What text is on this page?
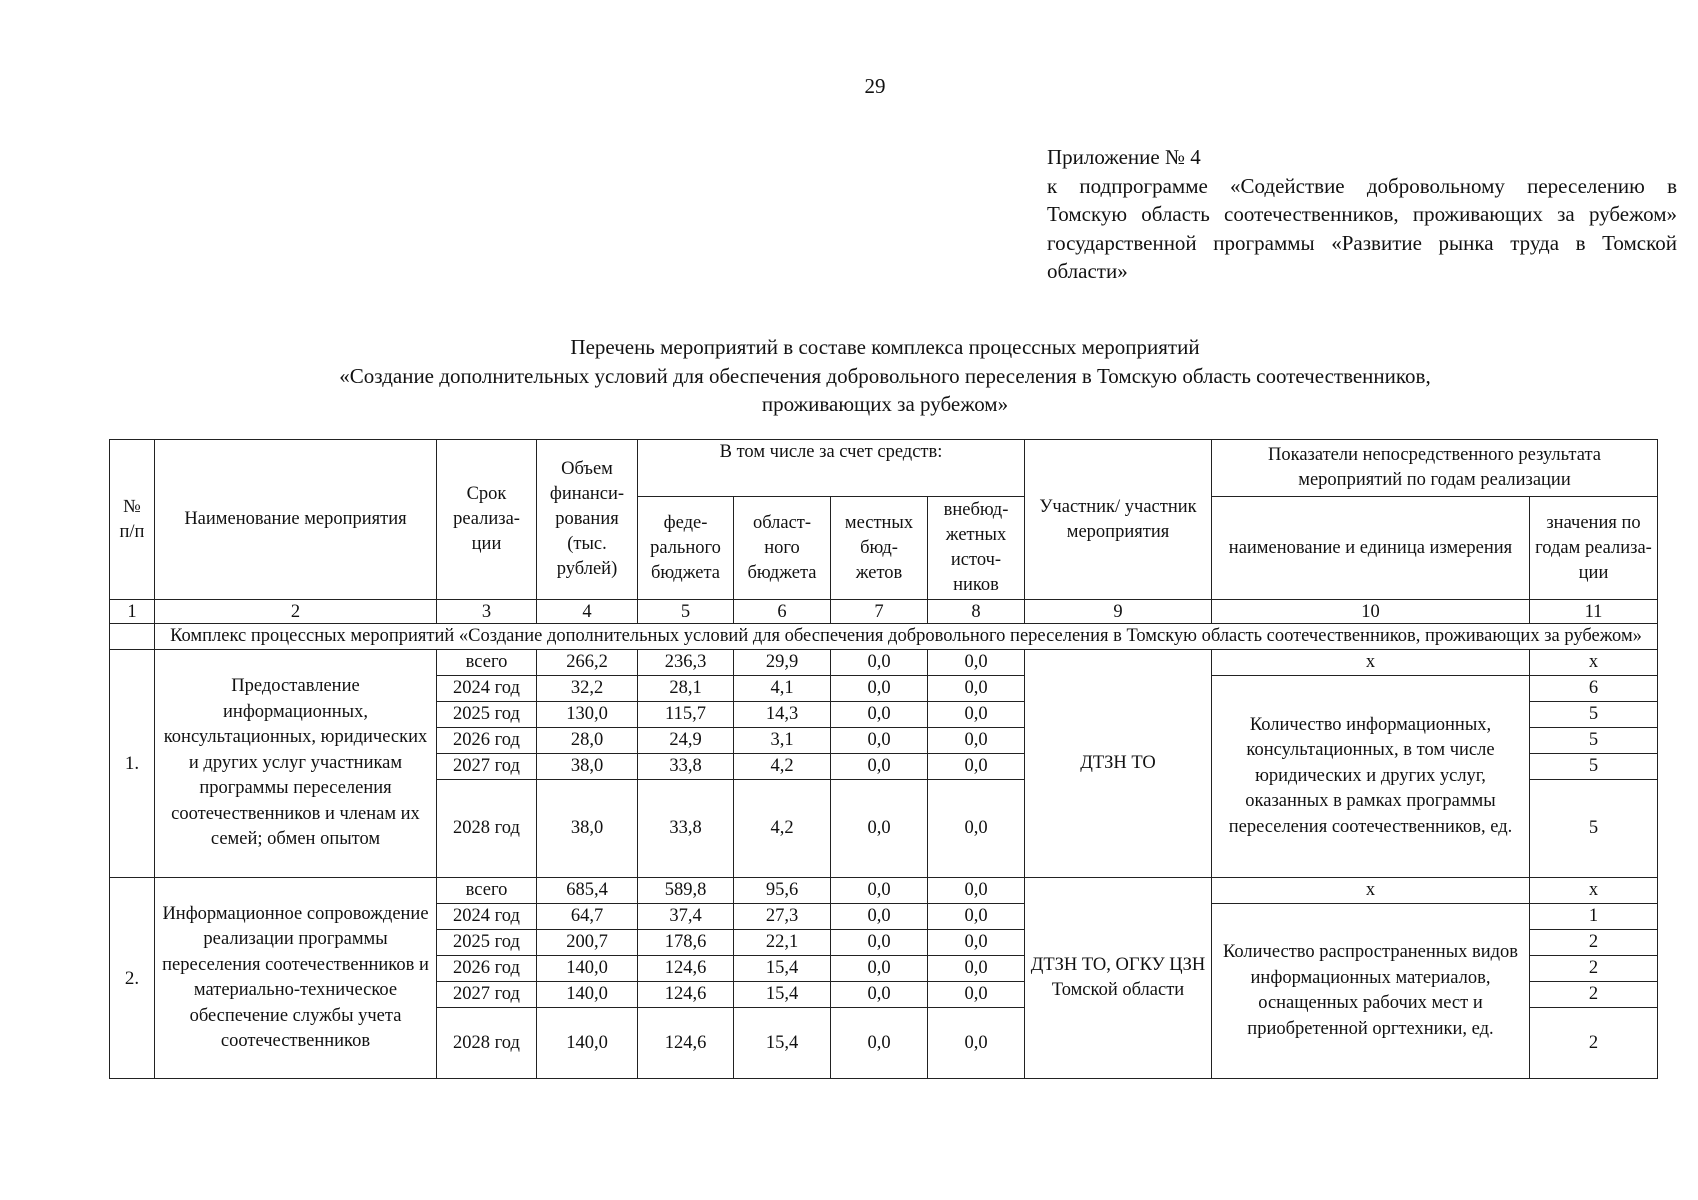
29
Приложение № 4
к подпрограмме «Содействие добровольному переселению в Томскую область соотечественников, проживающих за рубежом» государственной программы «Развитие рынка труда в Томской области»
Перечень мероприятий в составе комплекса процессных мероприятий
«Создание дополнительных условий для обеспечения добровольного переселения в Томскую область соотечественников,
проживающих за рубежом»
№ п/п	Наименование мероприятия	Срок реализа- ции	Объем финанси- рования (тыс. рублей)	В том числе за счет средств:				Участник/ участник мероприятия	Показатели непосредственного результата мероприятий по годам реализации	
				феде- рального бюджета	област- ного бюджета	местных бюд- жетов	внебюд- жетных источ- ников		наименование и единица измерения	значения по годам реализа- ции
1	2	3	4	5	6	7	8	9	10	11
	Комплекс процессных мероприятий «Создание дополнительных условий для обеспечения добровольного переселения в Томскую область соотечественников, проживающих за рубежом»									
1.	Предоставление информационных, консультационных, юридических и других услуг участникам программы переселения соотечественников и членам их семей; обмен опытом	всего	266,2	236,3	29,9	0,0	0,0	ДТЗН ТО	x	x
		2024 год	32,2	28,1	4,1	0,0	0,0		Количество информационных, консультационных, в том числе юридических и других услуг, оказанных в рамках программы переселения соотечественников, ед.	6
		2025 год	130,0	115,7	14,3	0,0	0,0			5
		2026 год	28,0	24,9	3,1	0,0	0,0			5
		2027 год	38,0	33,8	4,2	0,0	0,0			5
		2028 год	38,0	33,8	4,2	0,0	0,0			5
2.	Информационное сопровождение реализации программы переселения соотечественников и материально-техническое обеспечение службы учета соотечественников	всего	685,4	589,8	95,6	0,0	0,0	ДТЗН ТО, ОГКУ ЦЗН Томской области	x	x
		2024 год	64,7	37,4	27,3	0,0	0,0		Количество распространенных видов информационных материалов, оснащенных рабочих мест и приобретенной оргтехники, ед.	1
		2025 год	200,7	178,6	22,1	0,0	0,0			2
		2026 год	140,0	124,6	15,4	0,0	0,0			2
		2027 год	140,0	124,6	15,4	0,0	0,0			2
		2028 год	140,0	124,6	15,4	0,0	0,0			2
